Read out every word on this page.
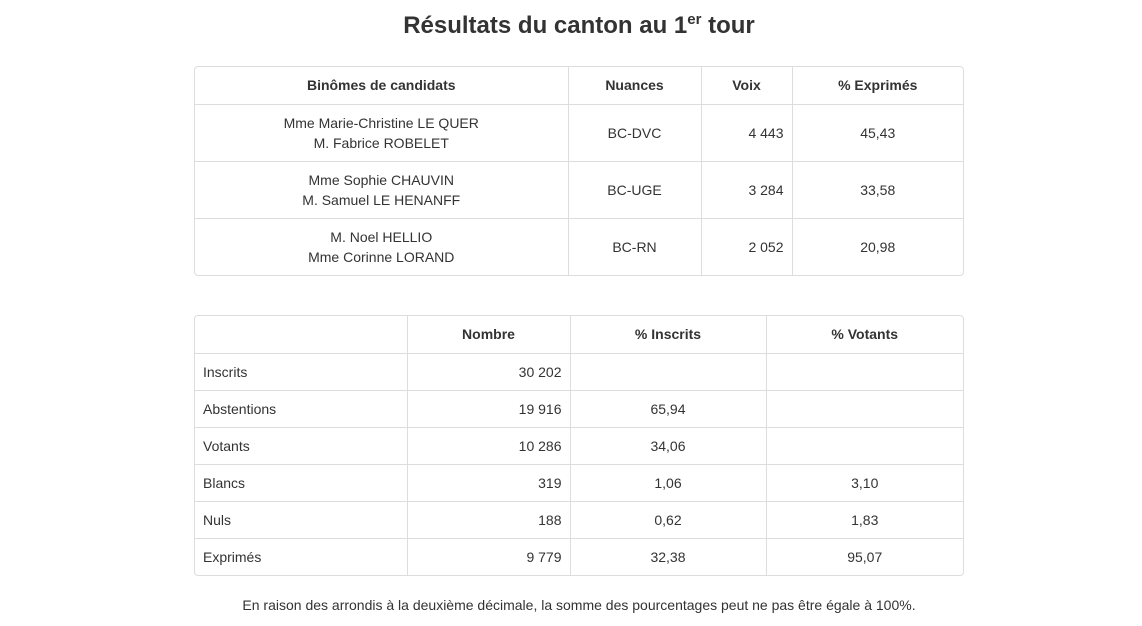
Résultats du canton au 1er tour
Binômes de candidats	Nuances	Voix	% Exprimés

Mme Marie-Christine LE QUER
M. Fabrice ROBELET	BC-DVC	4 443	45,43

Mme Sophie CHAUVIN
M. Samuel LE HENANFF	BC-UGE	3 284	33,58

M. Noel HELLIO
Mme Corinne LORAND	BC-RN	2 052	20,98
	Nombre	% Inscrits	% Votants
Inscrits	30 202		
Abstentions	19 916	65,94	
Votants	10 286	34,06	
Blancs	319	1,06	3,10
Nuls	188	0,62	1,83
Exprimés	9 779	32,38	95,07
En raison des arrondis à la deuxième décimale, la somme des pourcentages peut ne pas être égale à 100%.
